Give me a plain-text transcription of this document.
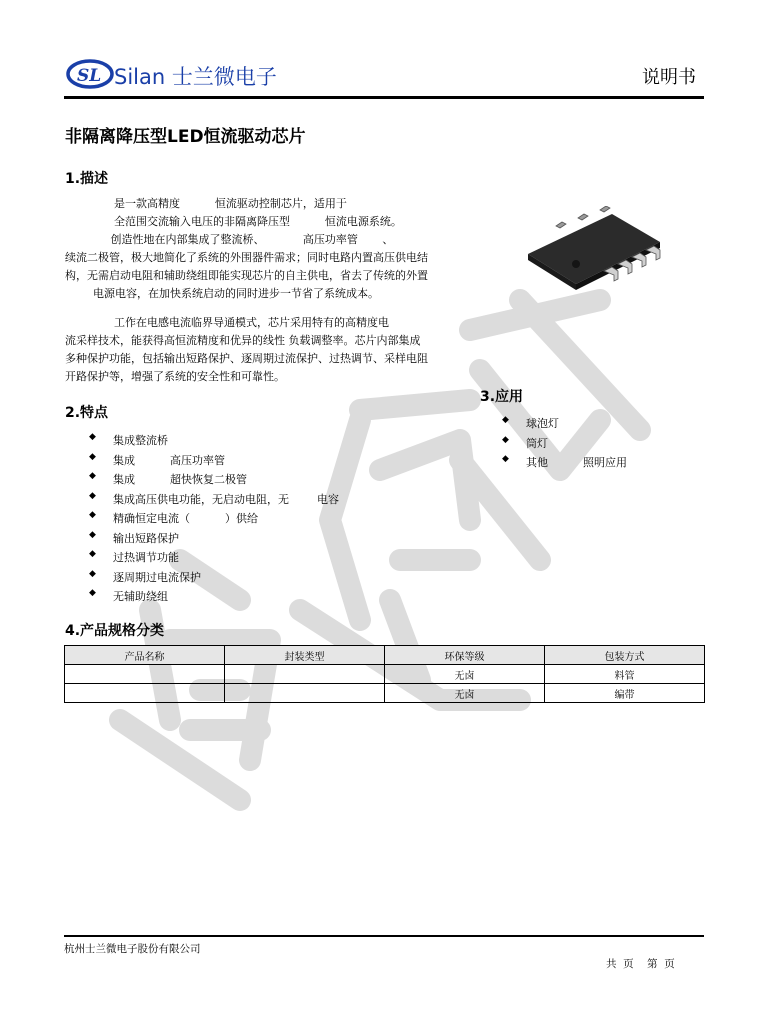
SL Silan 士兰微电子	说明书
非隔离降压型LED恒流驱动芯片
1.描述
是一款高精度          恒流驱动控制芯片，适用于
全范围交流输入电压的非隔离降压型          恒流电源系统。
创造性地在内部集成了整流桥、           高压功率管       、
续流二极管，极大地简化了系统的外围器件需求；同时电路内置高压供电结
构，无需启动电阻和辅助绕组即能实现芯片的自主供电，省去了传统的外置
电源电容，在加快系统启动的同时进步一节省了系统成本。
工作在电感电流临界导通模式，芯片采用特有的高精度电
流采样技术，能获得高恒流精度和优异的线性 负载调整率。芯片内部集成
多种保护功能，包括输出短路保护、逐周期过流保护、过热调节、采样电阻
开路保护等，增强了系统的安全性和可靠性。
2.特点
◆ 集成整流桥
◆ 集成          高压功率管
◆ 集成          超快恢复二极管
◆ 集成高压供电功能，无启动电阻，无        电容
◆ 精确恒定电流（          ）供给
◆ 输出短路保护
◆ 过热调节功能
◆ 逐周期过电流保护
◆ 无辅助绕组
3.应用
◆ 球泡灯
◆ 筒灯
◆ 其他          照明应用
4.产品规格分类
产品名称	封装类型	环保等级	包装方式
		无卤	料管
		无卤	编带
杭州士兰微电子股份有限公司
共  页    第  页
